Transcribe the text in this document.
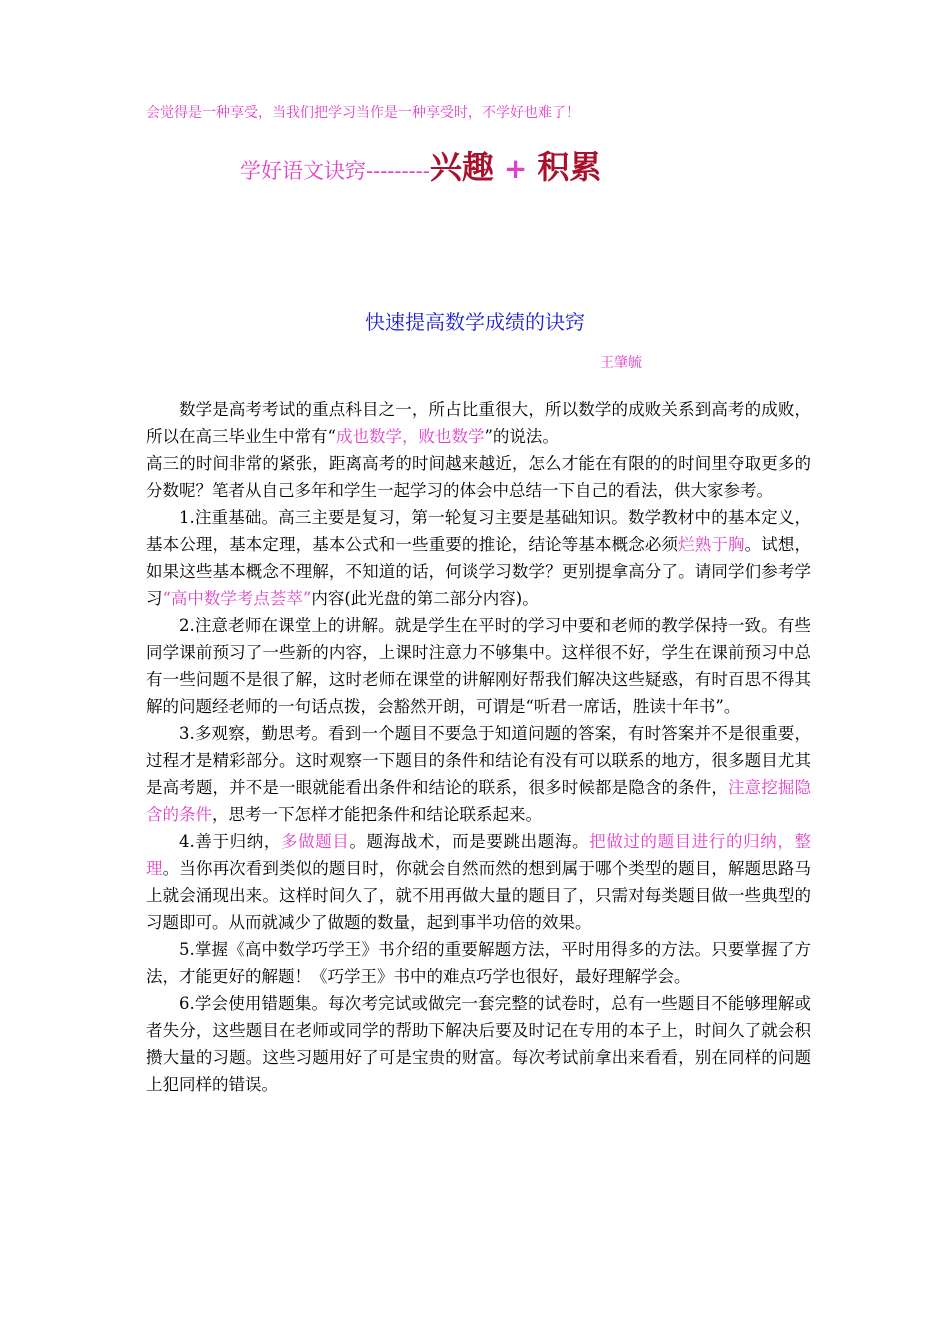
会觉得是一种享受，当我们把学习当作是一种享受时，不学好也难了！
学好语文诀窍---------兴趣 + 积累
快速提高数学成绩的诀窍
王肇毓

数学是高考考试的重点科目之一，所占比重很大，所以数学的成败关系到高考的成败，所以在高三毕业生中常有“成也数学，败也数学”的说法。

高三的时间非常的紧张，距离高考的时间越来越近，怎么才能在有限的的时间里夺取更多的分数呢？笔者从自己多年和学生一起学习的体会中总结一下自己的看法，供大家参考。

1.注重基础。高三主要是复习，第一轮复习主要是基础知识。数学教材中的基本定义，基本公理，基本定理，基本公式和一些重要的推论，结论等基本概念必须烂熟于胸。试想，如果这些基本概念不理解，不知道的话，何谈学习数学？更别提拿高分了。请同学们参考学习“高中数学考点荟萃”内容(此光盘的第二部分内容)。

2.注意老师在课堂上的讲解。就是学生在平时的学习中要和老师的教学保持一致。有些同学课前预习了一些新的内容，上课时注意力不够集中。这样很不好，学生在课前预习中总有一些问题不是很了解，这时老师在课堂的讲解刚好帮我们解决这些疑惑，有时百思不得其解的问题经老师的一句话点拨，会豁然开朗，可谓是“听君一席话，胜读十年书”。

3.多观察，勤思考。看到一个题目不要急于知道问题的答案，有时答案并不是很重要，过程才是精彩部分。这时观察一下题目的条件和结论有没有可以联系的地方，很多题目尤其是高考题，并不是一眼就能看出条件和结论的联系，很多时候都是隐含的条件，注意挖掘隐含的条件，思考一下怎样才能把条件和结论联系起来。

4.善于归纳，多做题目。题海战术，而是要跳出题海。把做过的题目进行的归纳，整理。当你再次看到类似的题目时，你就会自然而然的想到属于哪个类型的题目，解题思路马上就会涌现出来。这样时间久了，就不用再做大量的题目了，只需对每类题目做一些典型的习题即可。从而就减少了做题的数量，起到事半功倍的效果。

5.掌握《高中数学巧学王》书介绍的重要解题方法，平时用得多的方法。只要掌握了方法，才能更好的解题！《巧学王》书中的难点巧学也很好，最好理解学会。

6.学会使用错题集。每次考完试或做完一套完整的试卷时，总有一些题目不能够理解或者失分，这些题目在老师或同学的帮助下解决后要及时记在专用的本子上，时间久了就会积攒大量的习题。这些习题用好了可是宝贵的财富。每次考试前拿出来看看，别在同样的问题上犯同样的错误。
